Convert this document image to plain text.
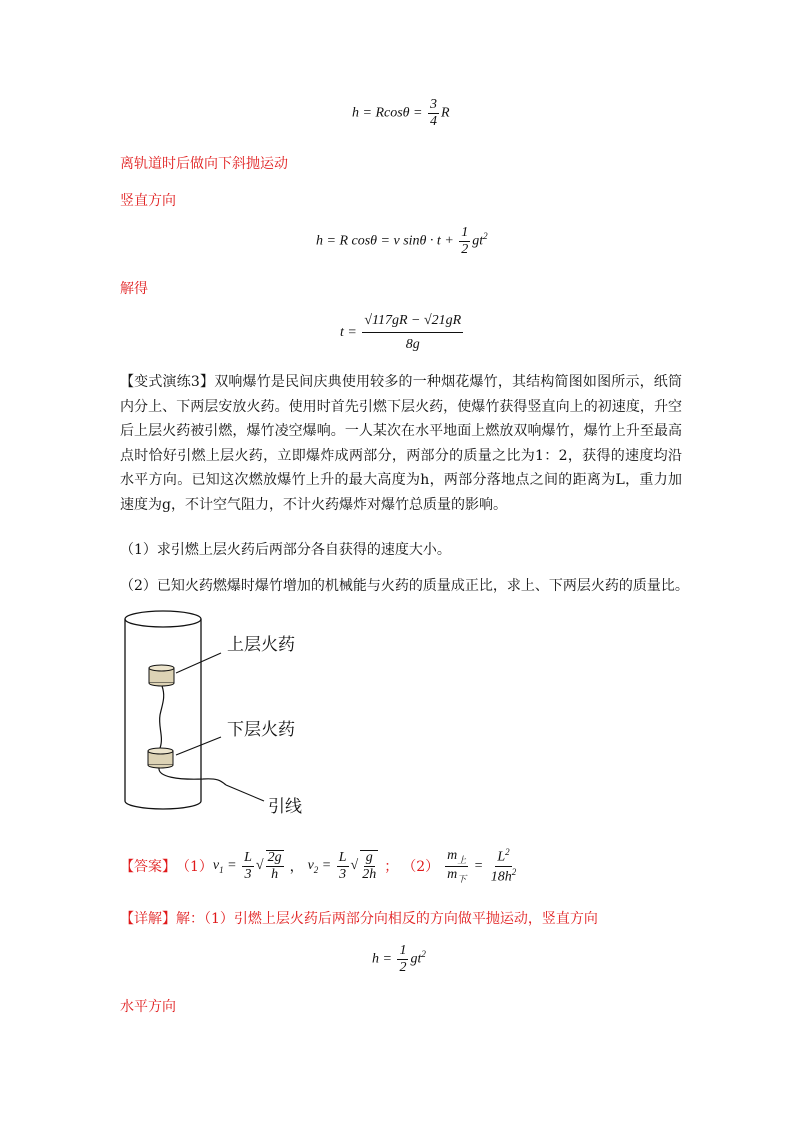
$h = Rcos\theta = \frac{3}{4}$ R
离轨道时后做向下斜抛运动
竖直方向
h = R cosθ = v $\sin\theta \cdot t + \frac{1}{2} gt^2$
解得
$t = \frac{√117gR - √21gR}{8g}$
【变式演练3】双响爆竹是民间庆典使用较多的一种烟花爆竹，其结构简图如图所示，纸筒内分上、下两层安放火药。使用时首先引燃下层火药，使爆竹获得竖直向上的初速度，升空后上层火药被引燃，爆竹凌空爆响。一人某次在水平地面上燃放双响爆竹，爆竹上升至最高点时恰好引燃上层火药，立即爆炸成两部分，两部分的质量之比为1：2，获得的速度均沿水平方向。已知这次燃放爆竹上升的最大高度为h，两部分落地点之间的距离为L，重力加速度为g，不计空气阻力，不计火药爆炸对爆竹总质量的影响。
（1）求引燃上层火药后两部分各自获得的速度大小。
（2）已知火药燃爆时爆竹增加的机械能与火药的质量成正比，求上、下两层火药的质量比。
上层火药
下层火药
引线
【答案】 （1） $v_1 = \frac{L}{3}$ √ $\frac{2g}{h}$ ， $v_2 = \frac{L}{3}$ √ $\frac{g}{2h}$ ； $(2) \frac{m_上}{m_下} = \frac{L^2}{18h^2}$
【详解】解：（1）引燃上层火药后两部分向相反的方向做平抛运动，竖直方向
$h = \frac{1}{2} gt^2$
水平方向
